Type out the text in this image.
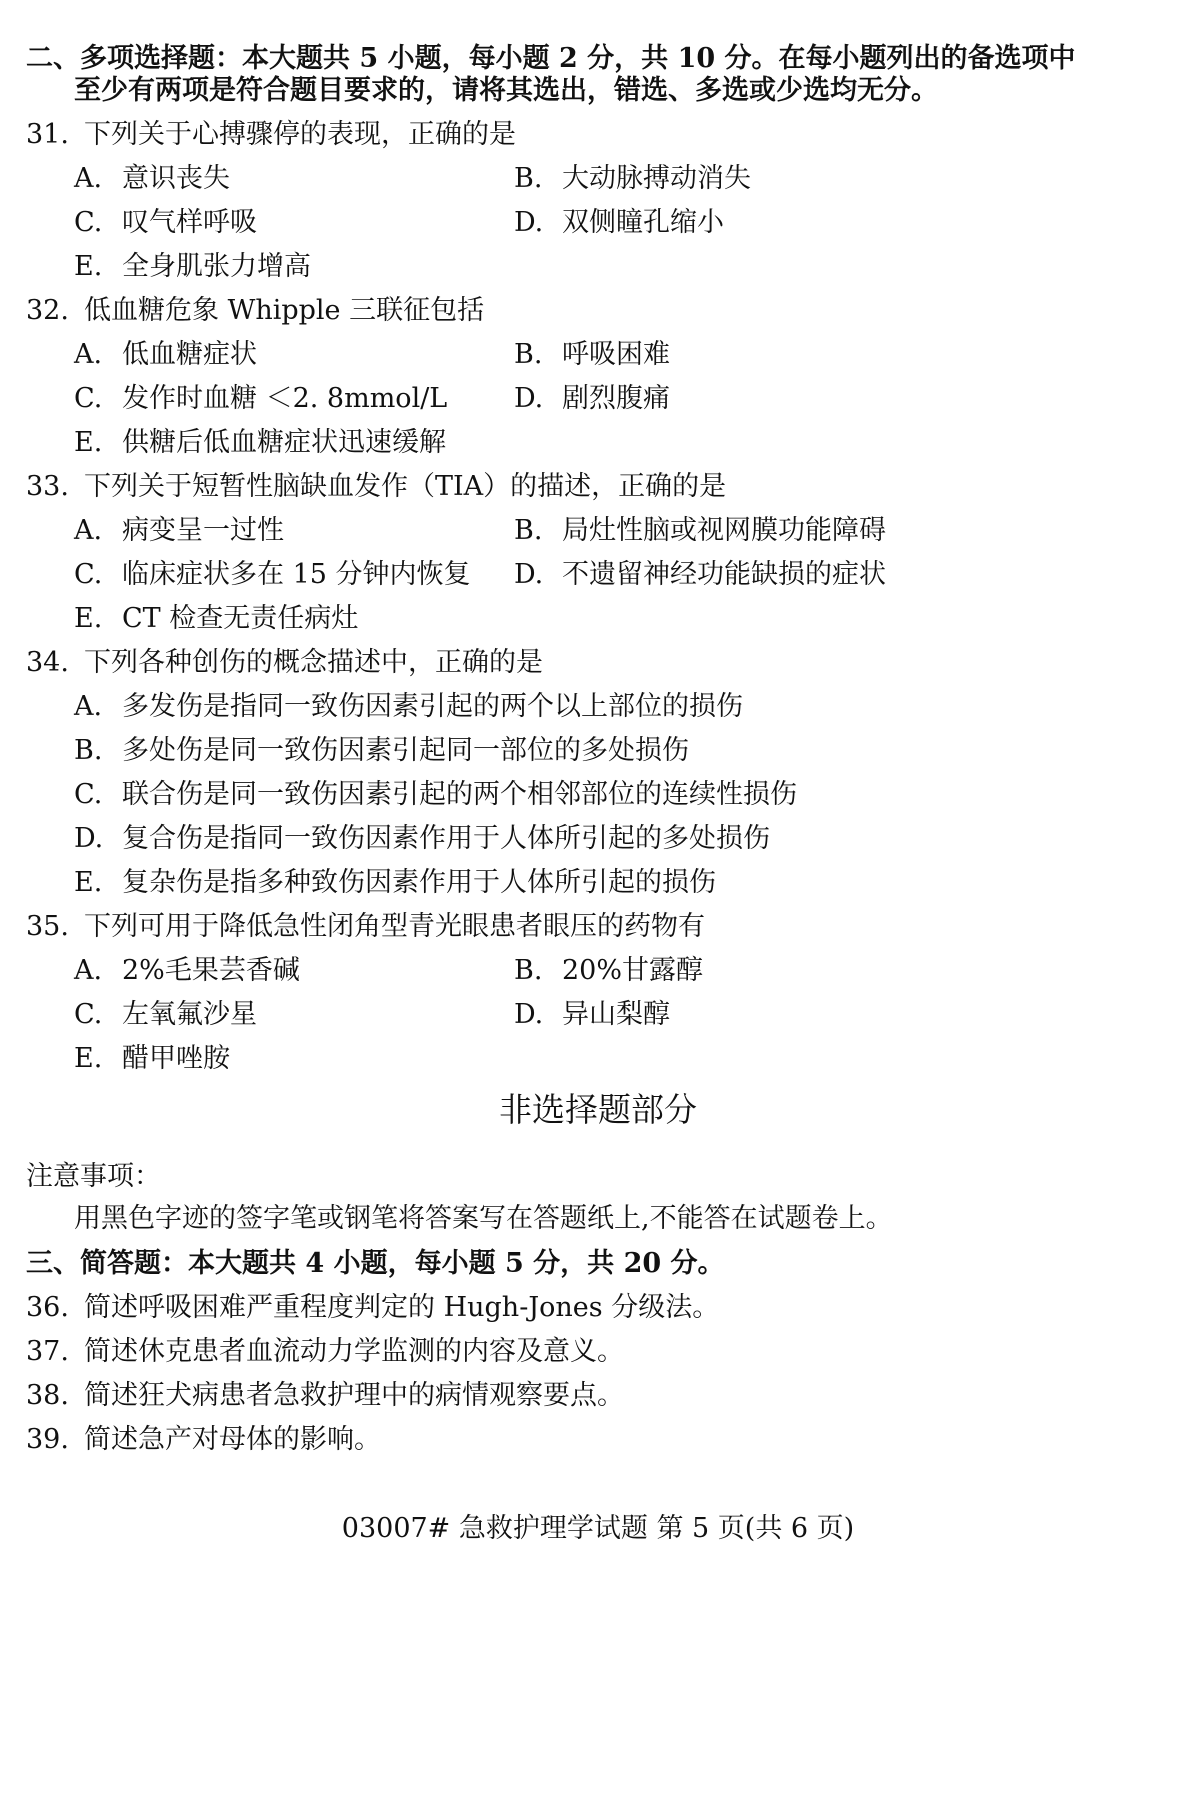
二、多项选择题：本大题共 5 小题，每小题 2 分，共 10 分。在每小题列出的备选项中
至少有两项是符合题目要求的，请将其选出，错选、多选或少选均无分。
31. 下列关于心搏骤停的表现，正确的是
A. 意识丧失	B. 大动脉搏动消失
C. 叹气样呼吸	D. 双侧瞳孔缩小
E. 全身肌张力增高
32. 低血糖危象 Whipple 三联征包括
A. 低血糖症状	B. 呼吸困难
C. 发作时血糖 ＜2. 8mmol/L D. 剧烈腹痛
E. 供糖后低血糖症状迅速缓解
33. 下列关于短暂性脑缺血发作（TIA）的描述，正确的是
A. 病变呈一过性	B. 局灶性脑或视网膜功能障碍
C. 临床症状多在 15 分钟内恢复 D. 不遗留神经功能缺损的症状
E. CT 检查无责任病灶
34. 下列各种创伤的概念描述中，正确的是
A. 多发伤是指同一致伤因素引起的两个以上部位的损伤
B. 多处伤是同一致伤因素引起同一部位的多处损伤
C. 联合伤是同一致伤因素引起的两个相邻部位的连续性损伤
D. 复合伤是指同一致伤因素作用于人体所引起的多处损伤
E. 复杂伤是指多种致伤因素作用于人体所引起的损伤
35. 下列可用于降低急性闭角型青光眼患者眼压的药物有
A. 2%毛果芸香碱	B. 20%甘露醇
C. 左氧氟沙星	D. 异山梨醇
E. 醋甲唑胺
非选择题部分
注意事项：
用黑色字迹的签字笔或钢笔将答案写在答题纸上,不能答在试题卷上。
三、简答题：本大题共 4 小题，每小题 5 分，共 20 分。
36. 简述呼吸困难严重程度判定的 Hugh-Jones 分级法。
37. 简述休克患者血流动力学监测的内容及意义。
38. 简述狂犬病患者急救护理中的病情观察要点。
39. 简述急产对母体的影响。
03007# 急救护理学试题 第 5 页(共 6 页)
